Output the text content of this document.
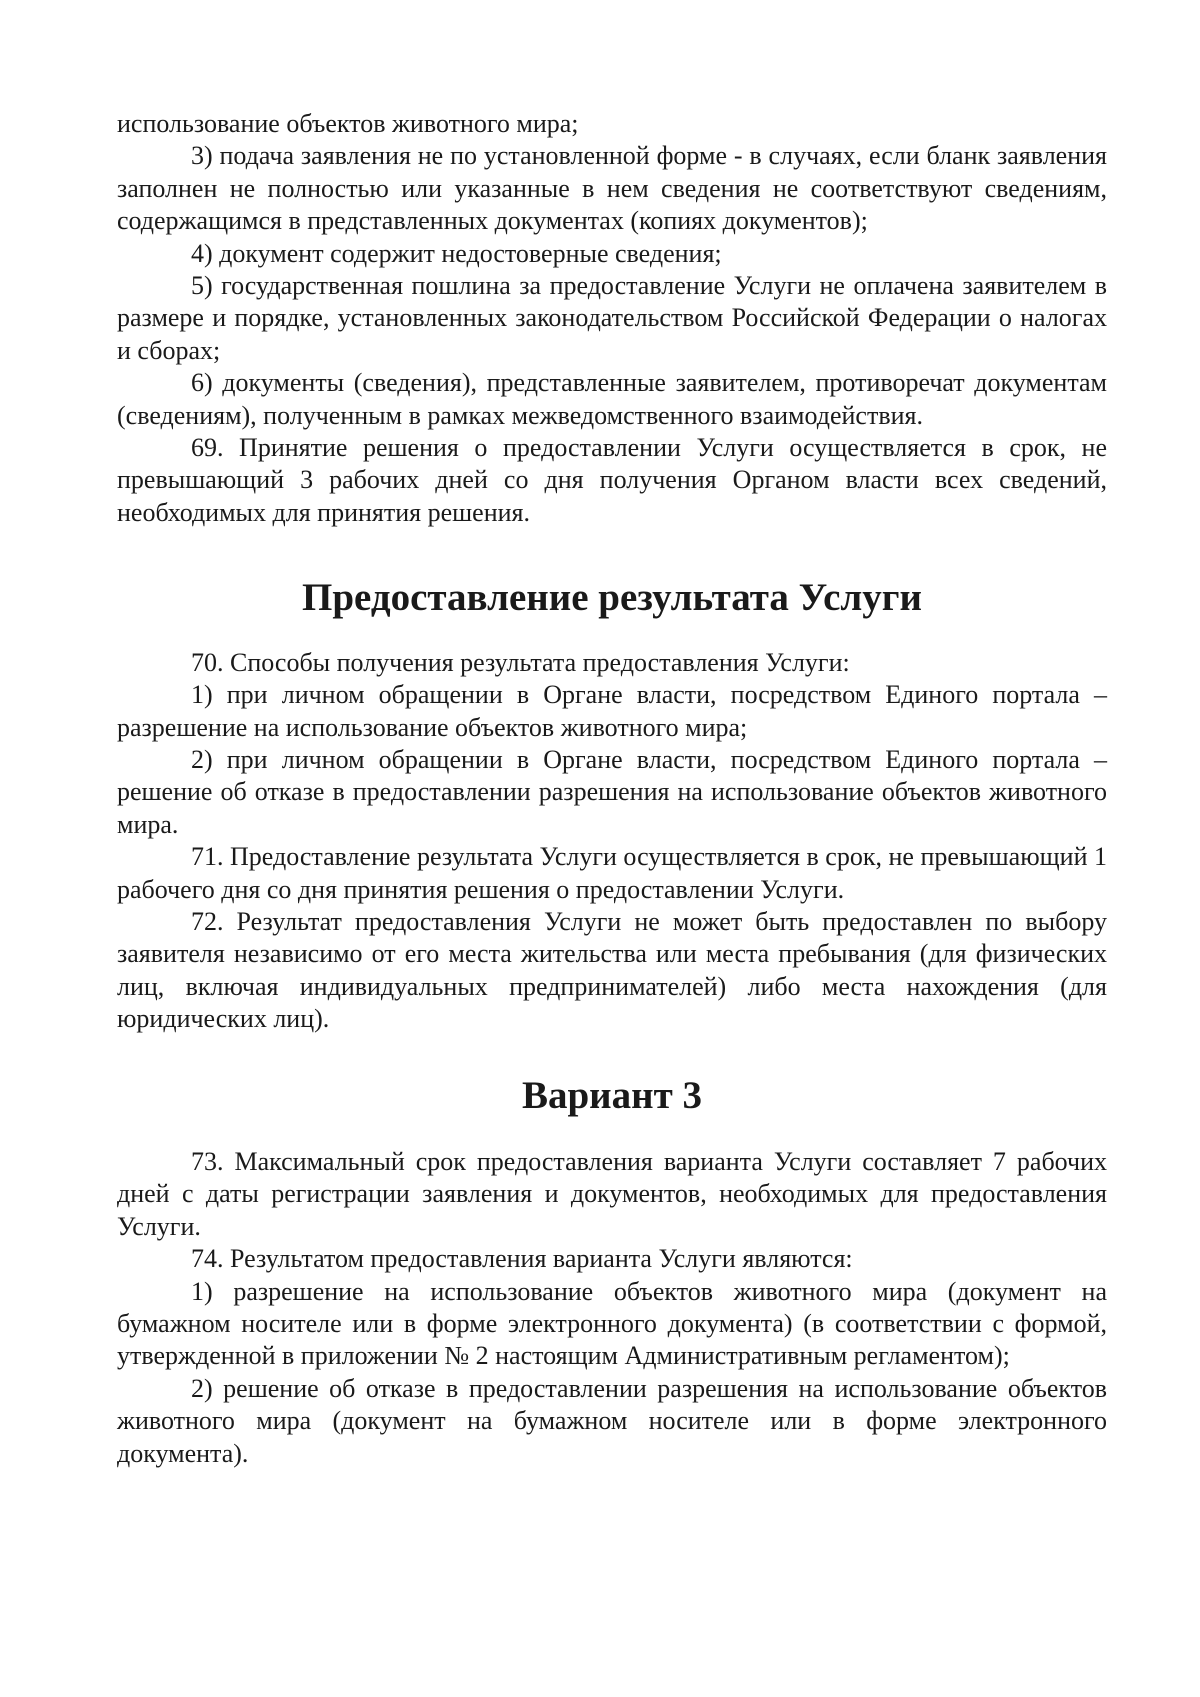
использование объектов животного мира;

3) подача заявления не по установленной форме - в случаях, если бланк заявления заполнен не полностью или указанные в нем сведения не соответствуют сведениям, содержащимся в представленных документах (копиях документов);

4) документ содержит недостоверные сведения;

5) государственная пошлина за предоставление Услуги не оплачена заявителем в размере и порядке, установленных законодательством Российской Федерации о налогах и сборах;

6) документы (сведения), представленные заявителем, противоречат документам (сведениям), полученным в рамках межведомственного взаимодействия.

69. Принятие решения о предоставлении Услуги осуществляется в срок, не превышающий 3 рабочих дней со дня получения Органом власти всех сведений, необходимых для принятия решения.

Предоставление результата Услуги

70. Способы получения результата предоставления Услуги:

1) при личном обращении в Органе власти, посредством Единого портала – разрешение на использование объектов животного мира;

2) при личном обращении в Органе власти, посредством Единого портала – решение об отказе в предоставлении разрешения на использование объектов животного мира.

71. Предоставление результата Услуги осуществляется в срок, не превышающий 1 рабочего дня со дня принятия решения о предоставлении Услуги.

72. Результат предоставления Услуги не может быть предоставлен по выбору заявителя независимо от его места жительства или места пребывания (для физических лиц, включая индивидуальных предпринимателей) либо места нахождения (для юридических лиц).

Вариант 3

73. Максимальный срок предоставления варианта Услуги составляет 7 рабочих дней с даты регистрации заявления и документов, необходимых для предоставления Услуги.

74. Результатом предоставления варианта Услуги являются:

1) разрешение на использование объектов животного мира (документ на бумажном носителе или в форме электронного документа) (в соответствии с формой, утвержденной в приложении № 2 настоящим Административным регламентом);

2) решение об отказе в предоставлении разрешения на использование объектов животного мира (документ на бумажном носителе или в форме электронного документа).
